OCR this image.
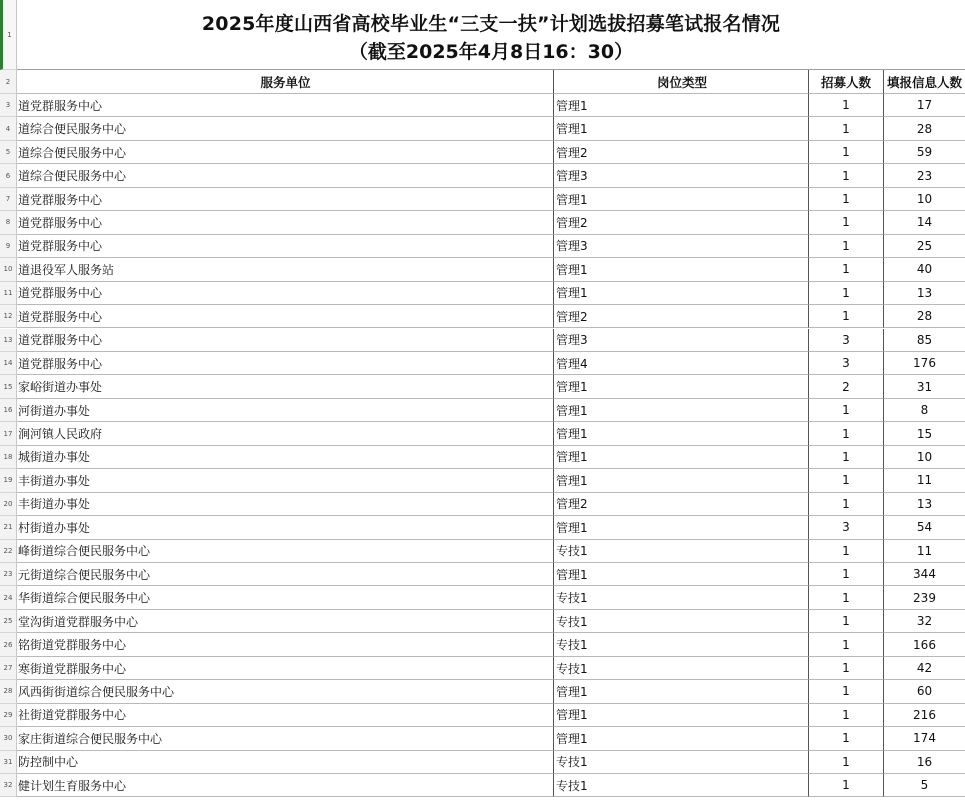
1	2025年度山西省高校毕业生“三支一扶”计划选拔招募笔试报名情况
（截至2025年4月8日16：30）
2	服务单位	岗位类型	招募人数	填报信息人数
3 道党群服务中心	管理1	1	17
4 道综合便民服务中心	管理1	1	28
5 道综合便民服务中心	管理2	1	59
6 道综合便民服务中心	管理3	1	23
7 道党群服务中心	管理1	1	10
8 道党群服务中心	管理2	1	14
9 道党群服务中心	管理3	1	25
10 道退役军人服务站	管理1	1	40
11 道党群服务中心	管理1	1	13
12 道党群服务中心	管理2	1	28
13 道党群服务中心	管理3	3	85
14 道党群服务中心	管理4	3	176
15 家峪街道办事处	管理1	2	31
16 河街道办事处	管理1	1	8
17 涧河镇人民政府	管理1	1	15
18 城街道办事处	管理1	1	10
19 丰街道办事处	管理1	1	11
20 丰街道办事处	管理2	1	13
21 村街道办事处	管理1	3	54
22 峰街道综合便民服务中心	专技1	1	11
23 元街道综合便民服务中心	管理1	1	344
24 华街道综合便民服务中心	专技1	1	239
25 堂沟街道党群服务中心	专技1	1	32
26 铭街道党群服务中心	专技1	1	166
27 寒街道党群服务中心	专技1	1	42
28 风西街街道综合便民服务中心	管理1	1	60
29 社街道党群服务中心	管理1	1	216
30 家庄街道综合便民服务中心	管理1	1	174
31 防控制中心	专技1	1	16
32 健计划生育服务中心	专技1	1	5
